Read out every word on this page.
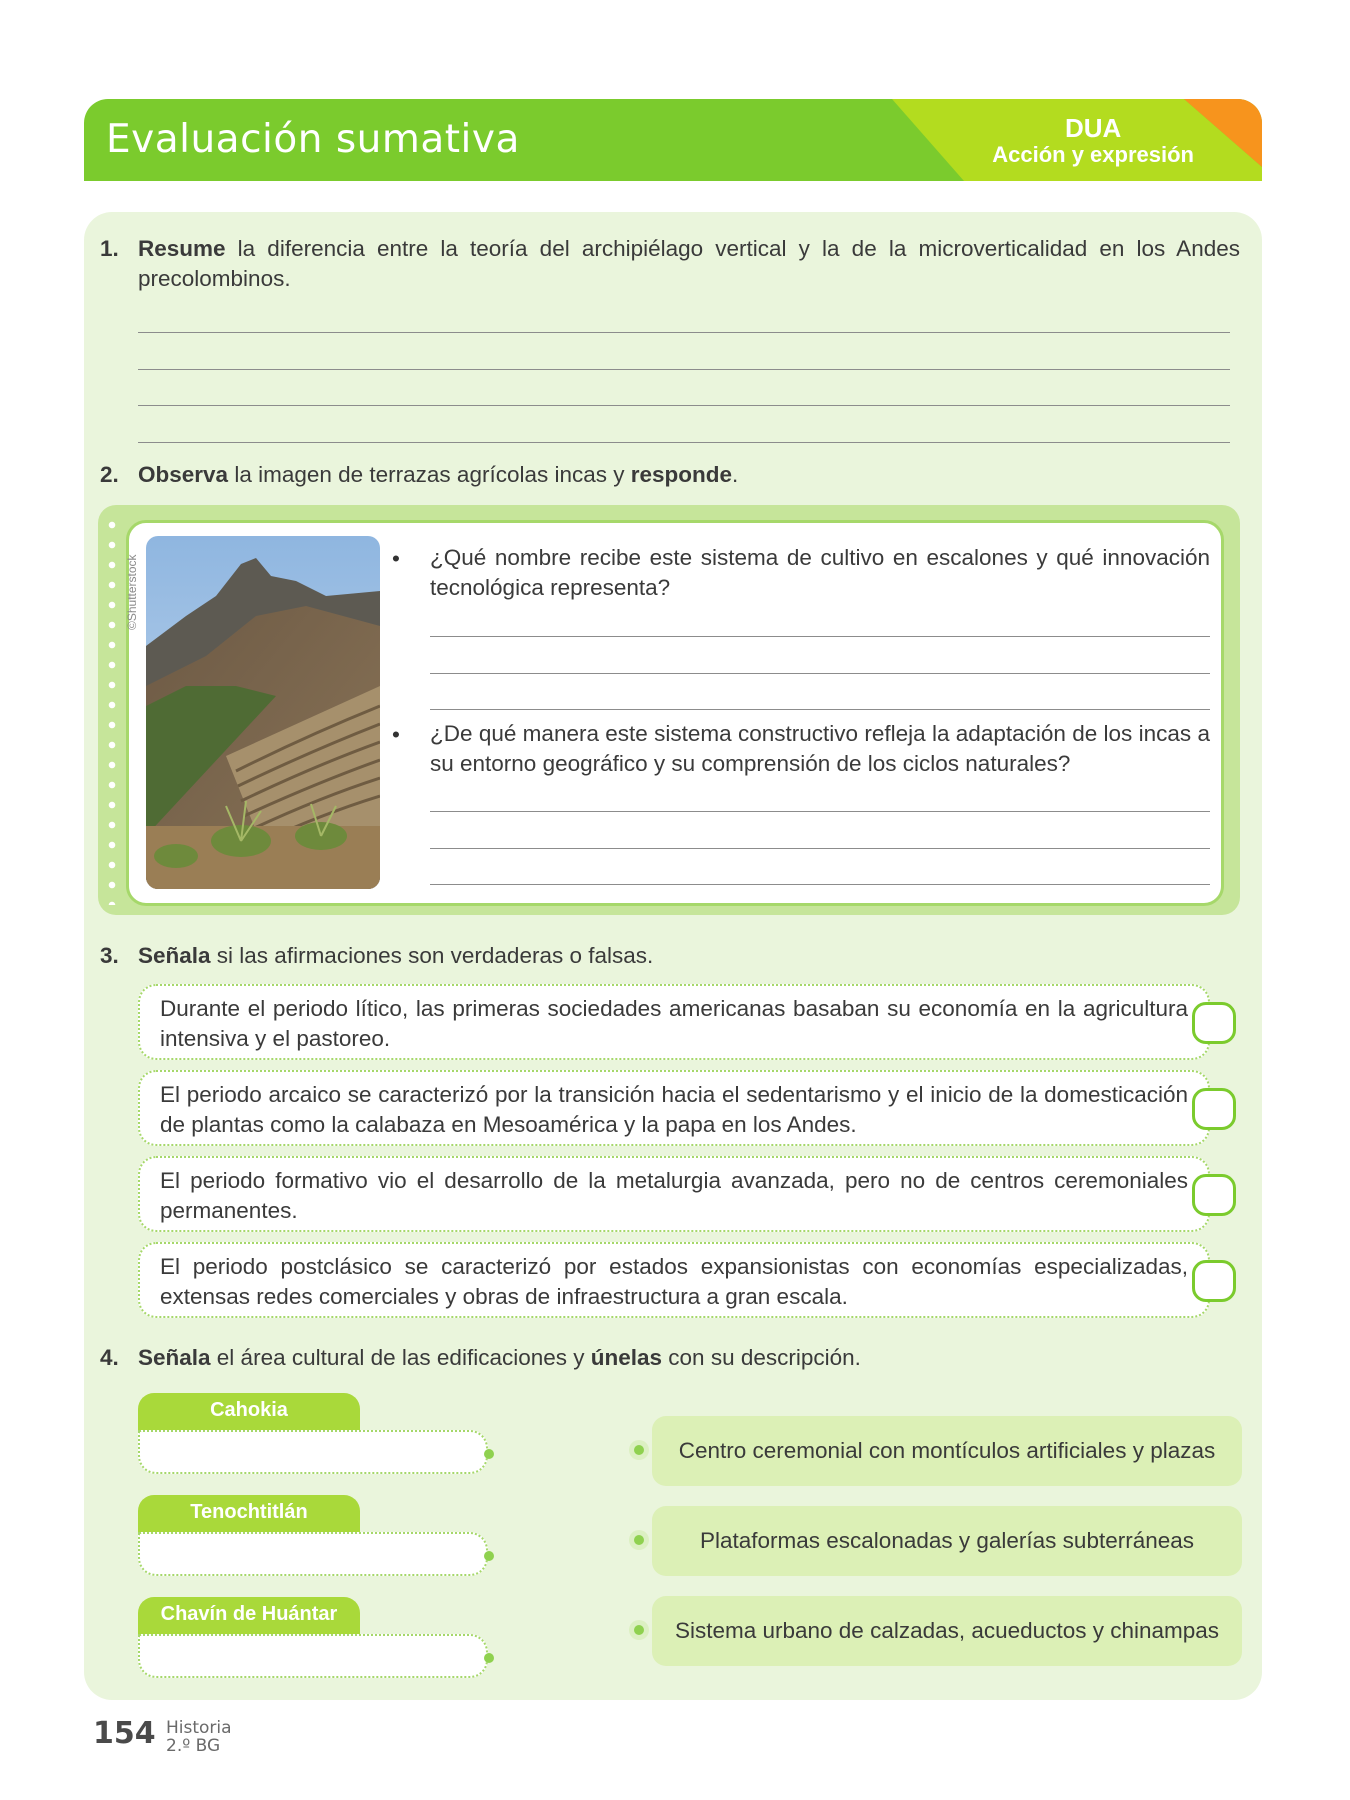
Evaluación sumativa	DUA
Acción y expresión
1. Resume la diferencia entre la teoría del archipiélago vertical y la de la microverticalidad en los Andes precolombinos.
2. Observa la imagen de terrazas agrícolas incas y responde.
©Shutterstock	• ¿Qué nombre recibe este sistema de cultivo en escalones y qué innovación tecnológica representa?
• ¿De qué manera este sistema constructivo refleja la adaptación de los incas a su entorno geográfico y su comprensión de los ciclos naturales?
3. Señala si las afirmaciones son verdaderas o falsas.
Durante el periodo lítico, las primeras sociedades americanas basaban su economía en la agricultura intensiva y el pastoreo.
El periodo arcaico se caracterizó por la transición hacia el sedentarismo y el inicio de la domesticación de plantas como la calabaza en Mesoamérica y la papa en los Andes.
El periodo formativo vio el desarrollo de la metalurgia avanzada, pero no de centros ceremoniales permanentes.
El periodo postclásico se caracterizó por estados expansionistas con economías especializadas, extensas redes comerciales y obras de infraestructura a gran escala.
4. Señala el área cultural de las edificaciones y únelas con su descripción.
Cahokia
Tenochtitlán
Chavín de Huántar
Centro ceremonial con montículos artificiales y plazas
Plataformas escalonadas y galerías subterráneas
Sistema urbano de calzadas, acueductos y chinampas
154 Historia
2.º BG
